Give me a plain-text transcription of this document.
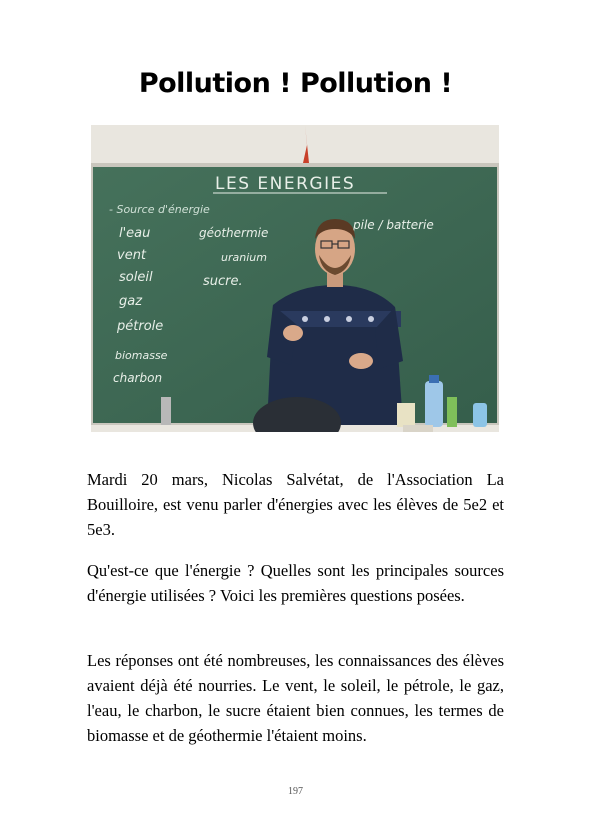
Pollution ! Pollution !
LES ENERGIES
- Source d'énergie
l'eau
vent
soleil
gaz
pétrole
biomasse
charbon
géothermie
uranium
sucre.
pile / batterie

Mardi 20 mars, Nicolas Salvétat, de l'Association La Bouilloire, est venu parler d'énergies avec les élèves de 5e2 et 5e3.

Qu'est-ce que l'énergie ? Quelles sont les principales sources d'énergie utilisées ? Voici les premières questions posées.

Les réponses ont été nombreuses, les connaissances des élèves avaient déjà été nourries. Le vent, le soleil, le pétrole, le gaz, l'eau, le charbon, le sucre étaient bien connues, les termes de biomasse et de géothermie l'étaient moins.

197
